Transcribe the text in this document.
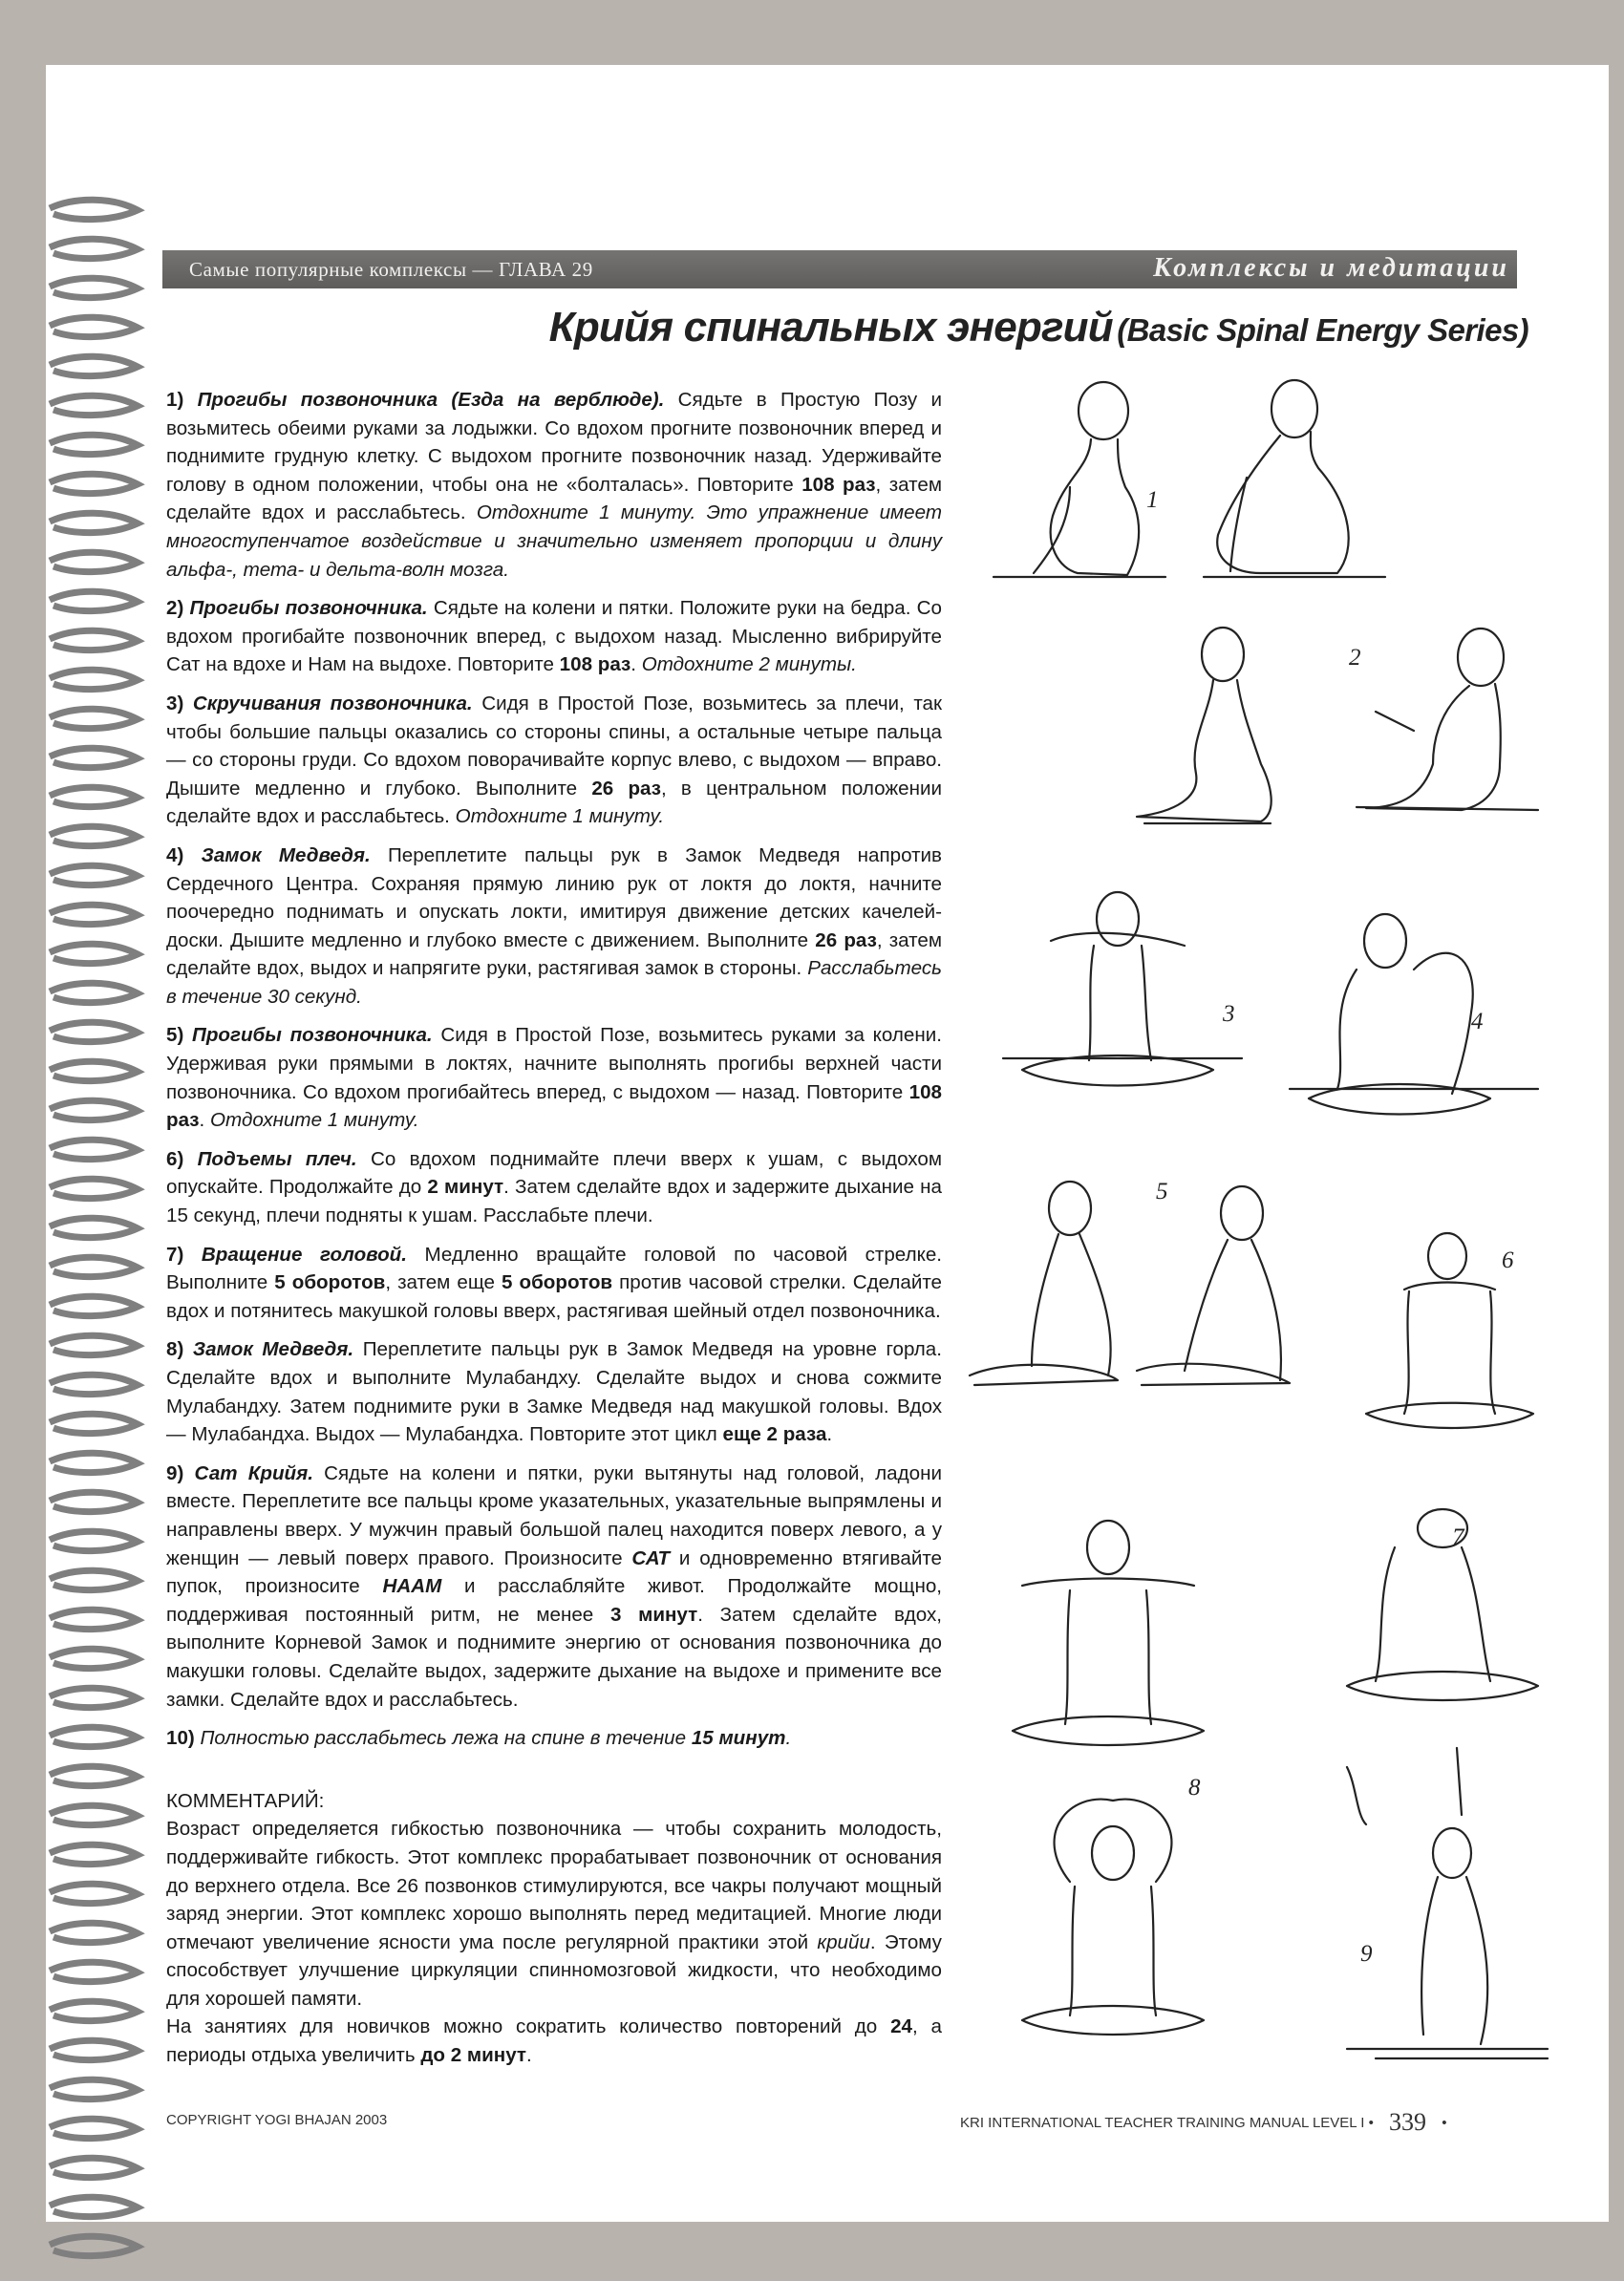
Самые популярные комплексы — ГЛАВА 29	Комплексы и медитации
Крийя спинальных энергий (Basic Spinal Energy Series)

1) Прогибы позвоночника (Езда на верблюде). Сядьте в Простую Позу и возьмитесь обеими руками за лодыжки. Со вдохом прогните позвоночник вперед и поднимите грудную клетку. С выдохом прогните позвоночник назад. Удерживайте голову в одном положении, чтобы она не «болталась». Повторите 108 раз, затем сделайте вдох и расслабьтесь. Отдохните 1 минуту. Это упражнение имеет многоступенчатое воздействие и значительно изменяет пропорции и длину альфа-, тета- и дельта-волн мозга.

2) Прогибы позвоночника. Сядьте на колени и пятки. Положите руки на бедра. Со вдохом прогибайте позвоночник вперед, с выдохом назад. Мысленно вибрируйте Сат на вдохе и Нам на выдохе. Повторите 108 раз. Отдохните 2 минуты.

3) Скручивания позвоночника. Сидя в Простой Позе, возьмитесь за плечи, так чтобы большие пальцы оказались со стороны спины, а остальные четыре пальца — со стороны груди. Со вдохом поворачивайте корпус влево, с выдохом — вправо. Дышите медленно и глубоко. Выполните 26 раз, в центральном положении сделайте вдох и расслабьтесь. Отдохните 1 минуту.

4) Замок Медведя. Переплетите пальцы рук в Замок Медведя напротив Сердечного Центра. Сохраняя прямую линию рук от локтя до локтя, начните поочередно поднимать и опускать локти, имитируя движение детских качелей-доски. Дышите медленно и глубоко вместе с движением. Выполните 26 раз, затем сделайте вдох, выдох и напрягите руки, растягивая замок в стороны. Расслабьтесь в течение 30 секунд.

5) Прогибы позвоночника. Сидя в Простой Позе, возьмитесь руками за колени. Удерживая руки прямыми в локтях, начните выполнять прогибы верхней части позвоночника. Со вдохом прогибайтесь вперед, с выдохом — назад. Повторите 108 раз. Отдохните 1 минуту.

6) Подъемы плеч. Со вдохом поднимайте плечи вверх к ушам, с выдохом опускайте. Продолжайте до 2 минут. Затем сделайте вдох и задержите дыхание на 15 секунд, плечи подняты к ушам. Расслабьте плечи.

7) Вращение головой. Медленно вращайте головой по часовой стрелке. Выполните 5 оборотов, затем еще 5 оборотов против часовой стрелки. Сделайте вдох и потянитесь макушкой головы вверх, растягивая шейный отдел позвоночника.

8) Замок Медведя. Переплетите пальцы рук в Замок Медведя на уровне горла. Сделайте вдох и выполните Мулабандху. Сделайте выдох и снова сожмите Мулабандху. Затем поднимите руки в Замке Медведя над макушкой головы. Вдох — Мулабандха. Выдох — Мулабандха. Повторите этот цикл еще 2 раза.

9) Сат Крийя. Сядьте на колени и пятки, руки вытянуты над головой, ладони вместе. Переплетите все пальцы кроме указательных, указательные выпрямлены и направлены вверх. У мужчин правый большой палец находится поверх левого, а у женщин — левый поверх правого. Произносите САТ и одновременно втягивайте пупок, произносите НААМ и расслабляйте живот. Продолжайте мощно, поддерживая постоянный ритм, не менее 3 минут. Затем сделайте вдох, выполните Корневой Замок и поднимите энергию от основания позвоночника до макушки головы. Сделайте выдох, задержите дыхание на выдохе и примените все замки. Сделайте вдох и расслабьтесь.

10) Полностью расслабьтесь лежа на спине в течение 15 минут.

КОММЕНТАРИЙ:
Возраст определяется гибкостью позвоночника — чтобы сохранить молодость, поддерживайте гибкость. Этот комплекс прорабатывает позвоночник от основания до верхнего отдела. Все 26 позвонков стимулируются, все чакры получают мощный заряд энергии. Этот комплекс хорошо выполнять перед медитацией. Многие люди отмечают увеличение ясности ума после регулярной практики этой крийи. Этому способствует улучшение циркуляции спинномозговой жидкости, что необходимо для хорошей памяти.
На занятиях для новичков можно сократить количество повторений до 24, а периоды отдыха увеличить до 2 минут.
1
2
3	4
5
6
7
8
9
COPYRIGHT YOGI BHAJAN 2003	KRI INTERNATIONAL TEACHER TRAINING MANUAL LEVEL I • 339 •
